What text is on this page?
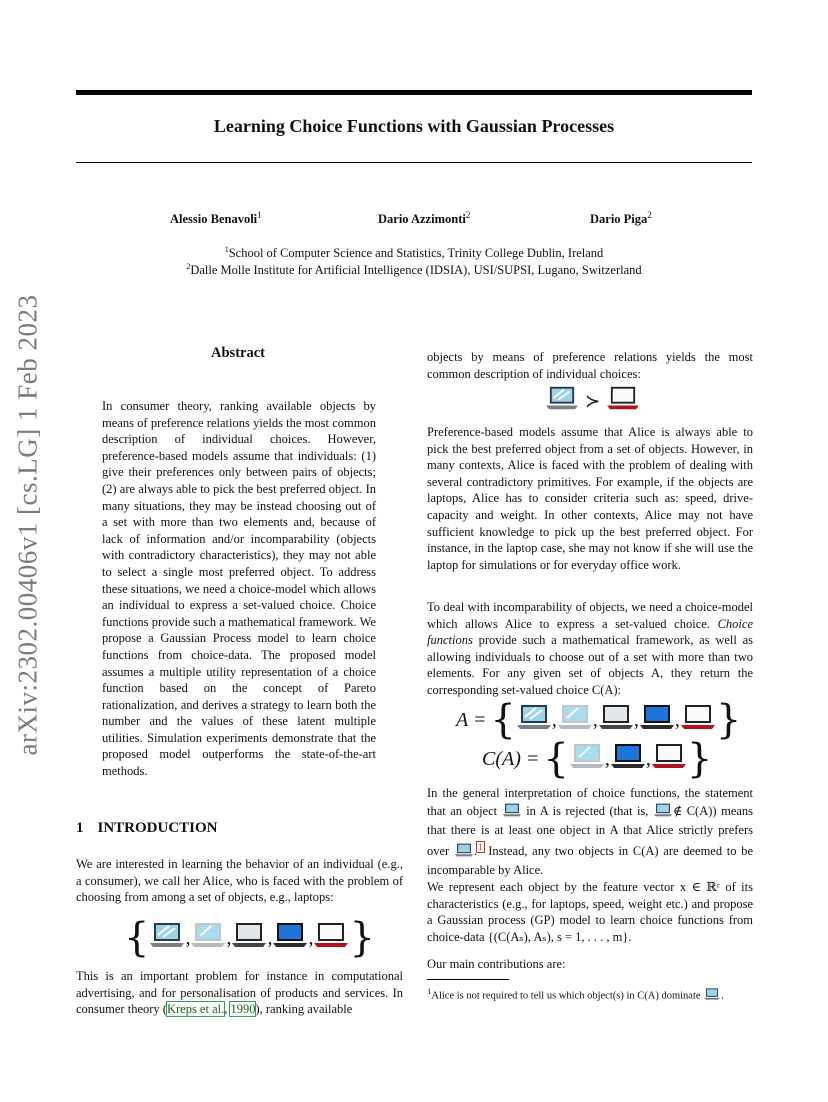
Learning Choice Functions with Gaussian Processes
Alessio Benavoli$^1$	Dario Azzimonti$^2$	Dario Piga$^2$
$^1$School of Computer Science and Statistics, Trinity College Dublin, Ireland
$^2$Dalle Molle Institute for Artificial Intelligence (IDSIA), USI/SUPSI, Lugano, Switzerland
arXiv:2302.00406v1 [cs.LG] 1 Feb 2023	Abstract

In consumer theory, ranking available objects by means of preference relations yields the most common description of individual choices. However, preference-based models assume that individuals: (1) give their preferences only between pairs of objects; (2) are always able to pick the best preferred object. In many situations, they may be instead choosing out of a set with more than two elements and, because of lack of information and/or incomparability (objects with contradictory characteristics), they may not able to select a single most preferred object. To address these situations, we need a choice-model which allows an individual to express a set-valued choice. Choice functions provide such a mathematical framework. We propose a Gaussian Process model to learn choice functions from choice-data. The proposed model assumes a multiple utility representation of a choice function based on the concept of Pareto rationalization, and derives a strategy to learn both the number and the values of these latent multiple utilities. Simulation experiments demonstrate that the proposed model outperforms the state-of-the-art methods.

1 INTRODUCTION

We are interested in learning the behavior of an individual (e.g., a consumer), we call her Alice, who is faced with the problem of choosing from among a set of objects, e.g., laptops:

{ , , , , }

This is an important problem for instance in computational advertising, and for personalisation of products and services. In consumer theory (Kreps et al., 1990), ranking available

objects by means of preference relations yields the most common description of individual choices:

≻

Preference-based models assume that Alice is always able to pick the best preferred object from a set of objects. However, in many contexts, Alice is faced with the problem of dealing with several contradictory primitives. For example, if the objects are laptops, Alice has to consider criteria such as: speed, drive-capacity and weight. In other contexts, Alice may not have sufficient knowledge to pick up the best preferred object. For instance, in the laptop case, she may not know if she will use the laptop for simulations or for everyday office work.

To deal with incomparability of objects, we need a choice-model which allows Alice to express a set-valued choice. Choice functions provide such a mathematical framework, as well as allowing individuals to choose out of a set with more than two elements. For any given set of objects A, they return the corresponding set-valued choice C(A):

A = { , , , , }
C(A) = { , , }

In the general interpretation of choice functions, the statement that an object in A is rejected (that is, ∉ C(A)) means that there is at least one object in A that Alice strictly prefers over .$^1$ Instead, any two objects in C(A) are deemed to be incomparable by Alice.

We represent each object by the feature vector x ∈ ℝᶜ of its characteristics (e.g., for laptops, speed, weight etc.) and propose a Gaussian process (GP) model to learn choice functions from choice-data {(C(Aₛ), Aₛ), s = 1, . . . , m}.

Our main contributions are:

$^1$Alice is not required to tell us which object(s) in C(A) dominate .
